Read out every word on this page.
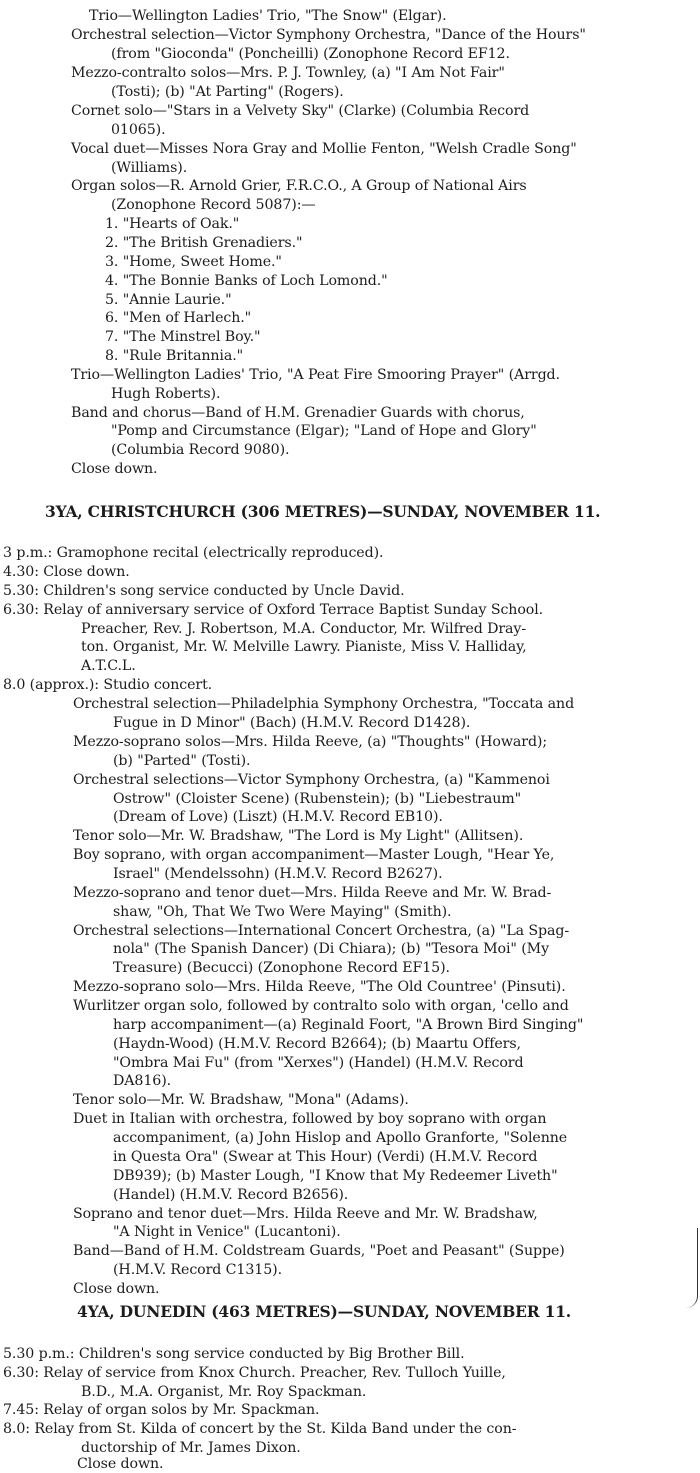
Trio—Wellington Ladies' Trio, "The Snow" (Elgar).
Orchestral selection—Victor Symphony Orchestra, "Dance of the Hours"
(from "Gioconda" (Poncheilli) (Zonophone Record EF12.
Mezzo-contralto solos—Mrs. P. J. Townley, (a) "I Am Not Fair"
(Tosti); (b) "At Parting" (Rogers).
Cornet solo—"Stars in a Velvety Sky" (Clarke) (Columbia Record
01065).
Vocal duet—Misses Nora Gray and Mollie Fenton, "Welsh Cradle Song"
(Williams).
Organ solos—R. Arnold Grier, F.R.C.O., A Group of National Airs
(Zonophone Record 5087):—
1. "Hearts of Oak."
2. "The British Grenadiers."
3. "Home, Sweet Home."
4. "The Bonnie Banks of Loch Lomond."
5. "Annie Laurie."
6. "Men of Harlech."
7. "The Minstrel Boy."
8. "Rule Britannia."
Trio—Wellington Ladies' Trio, "A Peat Fire Smooring Prayer" (Arrgd.
Hugh Roberts).
Band and chorus—Band of H.M. Grenadier Guards with chorus,
"Pomp and Circumstance (Elgar); "Land of Hope and Glory"
(Columbia Record 9080).
Close down.
3YA, CHRISTCHURCH (306 METRES)—SUNDAY, NOVEMBER 11.
3 p.m.: Gramophone recital (electrically reproduced).
4.30: Close down.
5.30: Children's song service conducted by Uncle David.
6.30: Relay of anniversary service of Oxford Terrace Baptist Sunday School.
Preacher, Rev. J. Robertson, M.A. Conductor, Mr. Wilfred Dray-
ton. Organist, Mr. W. Melville Lawry. Pianiste, Miss V. Halliday,
A.T.C.L.
8.0 (approx.): Studio concert.
Orchestral selection—Philadelphia Symphony Orchestra, "Toccata and
Fugue in D Minor" (Bach) (H.M.V. Record D1428).
Mezzo-soprano solos—Mrs. Hilda Reeve, (a) "Thoughts" (Howard);
(b) "Parted" (Tosti).
Orchestral selections—Victor Symphony Orchestra, (a) "Kammenoi
Ostrow" (Cloister Scene) (Rubenstein); (b) "Liebestraum"
(Dream of Love) (Liszt) (H.M.V. Record EB10).
Tenor solo—Mr. W. Bradshaw, "The Lord is My Light" (Allitsen).
Boy soprano, with organ accompaniment—Master Lough, "Hear Ye,
Israel" (Mendelssohn) (H.M.V. Record B2627).
Mezzo-soprano and tenor duet—Mrs. Hilda Reeve and Mr. W. Brad-
shaw, "Oh, That We Two Were Maying" (Smith).
Orchestral selections—International Concert Orchestra, (a) "La Spag-
nola" (The Spanish Dancer) (Di Chiara); (b) "Tesora Moi" (My
Treasure) (Becucci) (Zonophone Record EF15).
Mezzo-soprano solo—Mrs. Hilda Reeve, "The Old Countree' (Pinsuti).
Wurlitzer organ solo, followed by contralto solo with organ, 'cello and
harp accompaniment—(a) Reginald Foort, "A Brown Bird Singing"
(Haydn-Wood) (H.M.V. Record B2664); (b) Maartu Offers,
"Ombra Mai Fu" (from "Xerxes") (Handel) (H.M.V. Record
DA816).
Tenor solo—Mr. W. Bradshaw, "Mona" (Adams).
Duet in Italian with orchestra, followed by boy soprano with organ
accompaniment, (a) John Hislop and Apollo Granforte, "Solenne
in Questa Ora" (Swear at This Hour) (Verdi) (H.M.V. Record
DB939); (b) Master Lough, "I Know that My Redeemer Liveth"
(Handel) (H.M.V. Record B2656).
Soprano and tenor duet—Mrs. Hilda Reeve and Mr. W. Bradshaw,
"A Night in Venice" (Lucantoni).
Band—Band of H.M. Coldstream Guards, "Poet and Peasant" (Suppe)
(H.M.V. Record C1315).
Close down.
4YA, DUNEDIN (463 METRES)—SUNDAY, NOVEMBER 11.
5.30 p.m.: Children's song service conducted by Big Brother Bill.
6.30: Relay of service from Knox Church. Preacher, Rev. Tulloch Yuille,
B.D., M.A. Organist, Mr. Roy Spackman.
7.45: Relay of organ solos by Mr. Spackman.
8.0: Relay from St. Kilda of concert by the St. Kilda Band under the con-
ductorship of Mr. James Dixon.
Close down.
